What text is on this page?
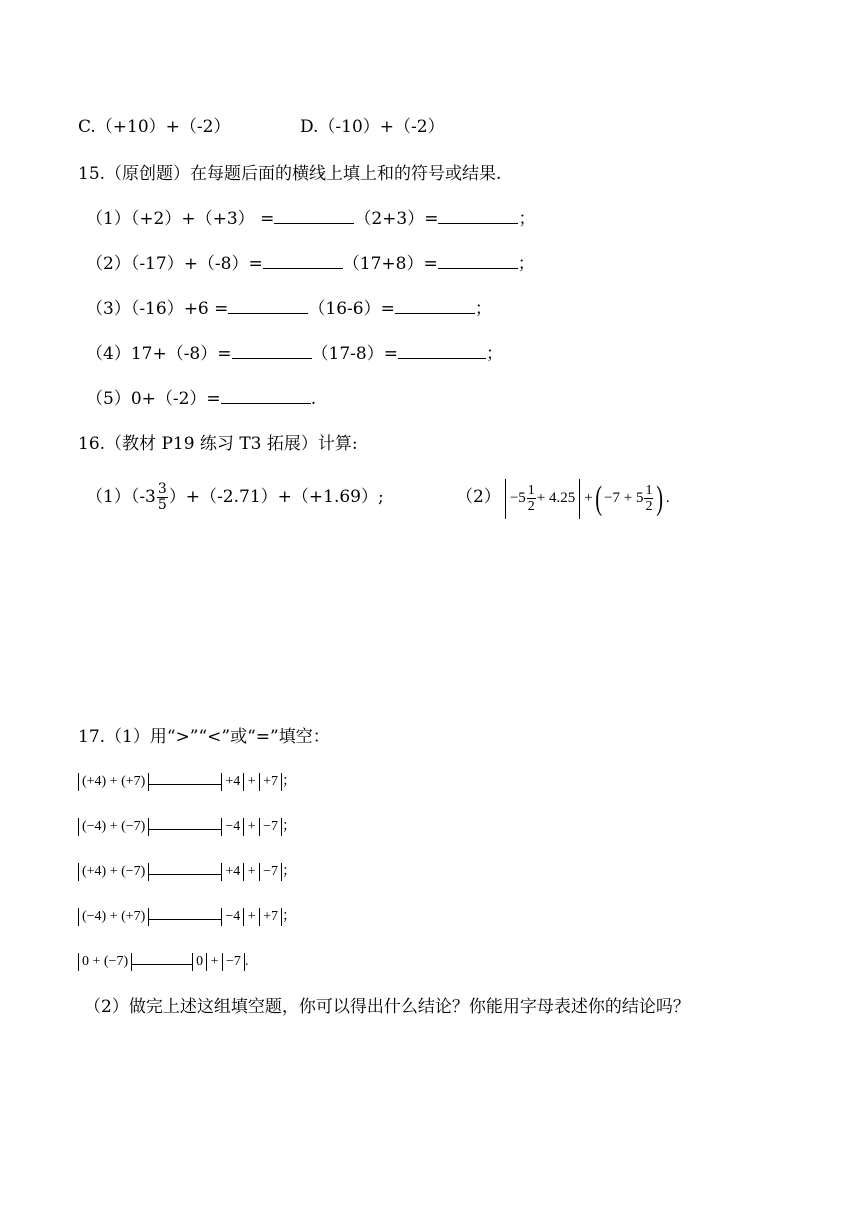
C.（+10）+（-2）	D.（-10）+（-2）
15.（原创题）在每题后面的横线上填上和的符号或结果.
（1）（+2）+（+3） =	（2+3）=	；
（2）（-17）+（-8）=	（17+8）=	；
（3）（-16）+6 =	（16-6）=	；
（4）17+（-8）=	（17-8）=	；
（5）0+（-2）=	.
16.（教材 P19 练习 T3 拓展）计算:
$(1)(-3 \frac{3}{5} )+(-2.71)+(+1.69)$;	$(2) -5 \frac{1}{2} + 4.25$ +( $-7 + 5 \frac{1}{2}$ ) .
17.（1）用“>”“<”或“=”填空：
(+4) + (+7)	+4 + +7 ；
(−4) + (−7)	−4 + −7 ；
(+4) + (−7)	+4 + −7 ；
(−4) + (+7)	−4 + +7 ；
0 + (−7)	0 + −7 .
（2）做完上述这组填空题，你可以得出什么结论？你能用字母表述你的结论吗？
